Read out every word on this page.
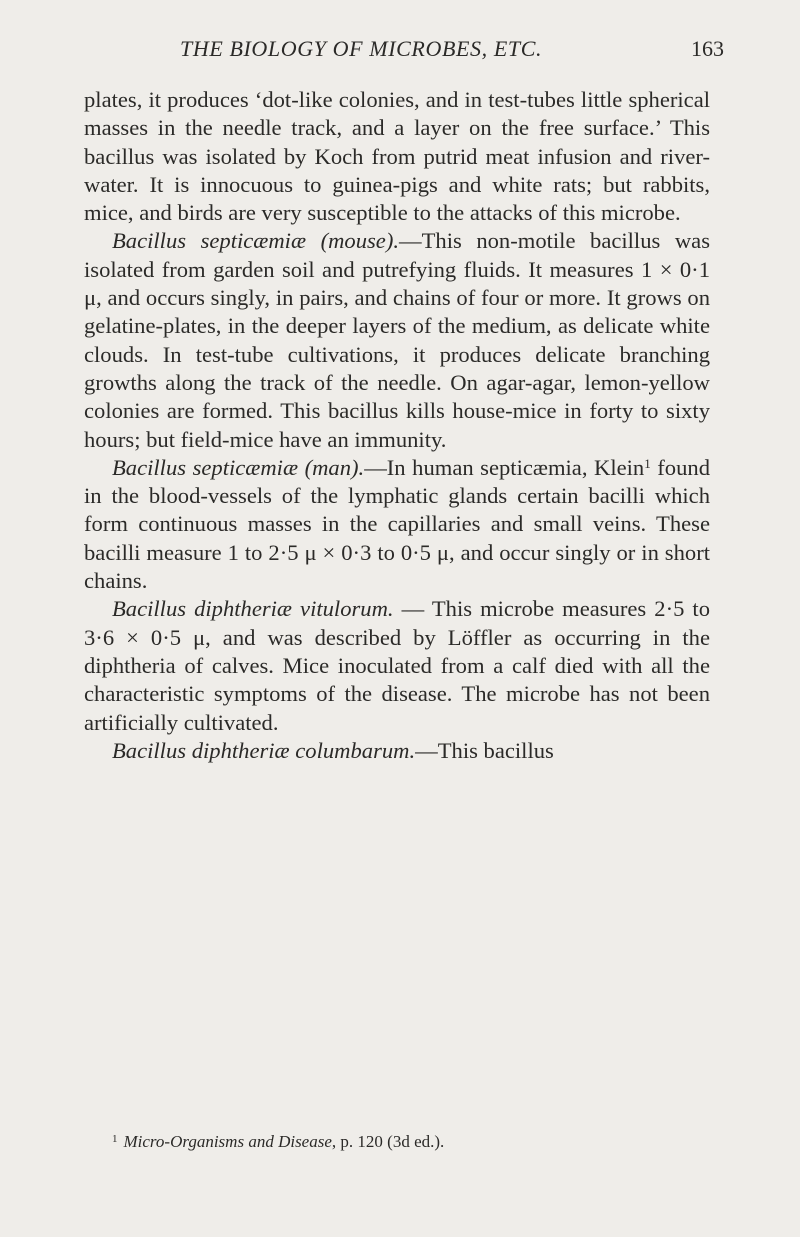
THE BIOLOGY OF MICROBES, ETC.	163

plates, it produces ‘dot-like colonies, and in test-tubes little spherical masses in the needle track, and a layer on the free surface.’ This bacillus was isolated by Koch from putrid meat infusion and river-water. It is innocuous to guinea-pigs and white rats; but rabbits, mice, and birds are very susceptible to the attacks of this microbe.

Bacillus septicæmiæ (mouse).—This non-motile bacillus was isolated from garden soil and putrefying fluids. It measures 1 × 0·1 μ, and occurs singly, in pairs, and chains of four or more. It grows on gelatine-plates, in the deeper layers of the medium, as delicate white clouds. In test-tube cultivations, it produces delicate branching growths along the track of the needle. On agar-agar, lemon-yellow colonies are formed. This bacillus kills house-mice in forty to sixty hours; but field-mice have an immunity.

Bacillus septicæmiæ (man).—In human septicæmia, Klein$^1$ found in the blood-vessels of the lymphatic glands certain bacilli which form continuous masses in the capillaries and small veins. These bacilli measure 1 to 2·5 μ × 0·3 to 0·5 μ, and occur singly or in short chains.

Bacillus diphtheriæ vitulorum. — This microbe measures 2·5 to 3·6 × 0·5 μ, and was described by Löffler as occurring in the diphtheria of calves. Mice inoculated from a calf died with all the characteristic symptoms of the disease. The microbe has not been artificially cultivated.

Bacillus diphtheriæ columbarum.—This bacillus

$^1$ Micro-Organisms and Disease, p. 120 (3d ed.).
